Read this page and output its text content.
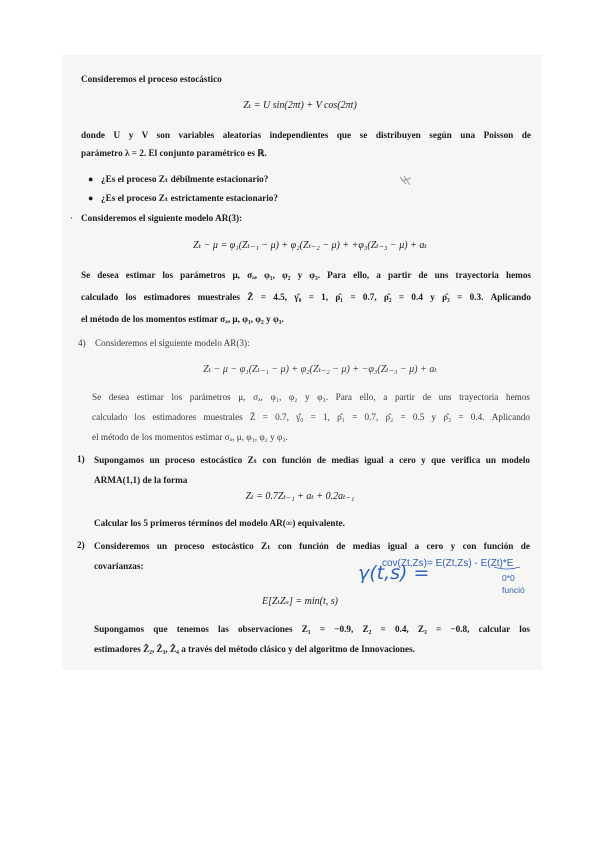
Consideremos el proceso estocástico
Zₜ = U sin(2πt) + V cos(2πt)
donde U y V son variables aleatorias independientes que se distribuyen según una Poisson de
parámetro λ = 2. El conjunto paramétrico es ℝ.
● ¿Es el proceso Zₜ débilmente estacionario?
● ¿Es el proceso Zₜ estrictamente estacionario?
· Consideremos el siguiente modelo AR(3):
Zₜ − μ = φ₁(Zₜ₋₁ − μ) + φ₂(Zₜ₋₂ − μ) + +φ₃(Zₜ₋₃ − μ) + aₜ
Se desea estimar los parámetros μ, σₐ, φ₁, φ₂ y φ₃. Para ello, a partir de uns trayectoria hemos
calculado los estimadores muestrales Z̄ = 4.5, γ̂₀ = 1, ρ̂₁ = 0.7, ρ̂₂ = 0.4 y ρ̂₃ = 0.3. Aplicando
el método de los momentos estimar σₐ, μ, φ₁, φ₂ y φ₃.
4) Consideremos el siguiente modelo AR(3):
Zₜ − μ − φ₁(Zₜ₋₁ − μ) + φ₂(Zₜ₋₂ − μ) + −φ₃(Zₜ₋₃ − μ) + aₜ
Se desea estimar los parámetros μ, σₐ, φ₁, φ₂ y φ₃. Para ello, a partir de uns trayectoria hemos
calculado los estimadores muestrales Z̄ = 0.7, γ̂₀ = 1, ρ̂₁ = 0.7, ρ̂₂ = 0.5 y ρ̂₃ = 0.4. Aplicando
el método de los momentos estimar σₐ, μ, φ₁, φ₂ y φ₃.
1) Supongamos un proceso estocástico Zₜ con función de medias igual a cero y que verifica un modelo
ARMA(1,1) de la forma
Zₜ = 0.7Zₜ₋₁ + aₜ + 0.2aₜ₋₁
Calcular los 5 primeros términos del modelo AR(∞) equivalente.
2) Consideremos un proceso estocástico Zₜ con función de medias igual a cero y con función de
covarianzas:
E[ZₜZₛ] = min(t, s)
Supongamos que tenemos las observaciones Z₁ = −0.9, Z₂ = 0.4, Z₃ = −0.8, calcular los
estimadores Ẑ₂, Ẑ₃, Ẑ₄ a través del método clásico y del algoritmo de Innovaciones.
γ(t,s) =
cov(Zt,Zs)= E(Zt,Zs) - E(Zt)*E
0*0
funció
